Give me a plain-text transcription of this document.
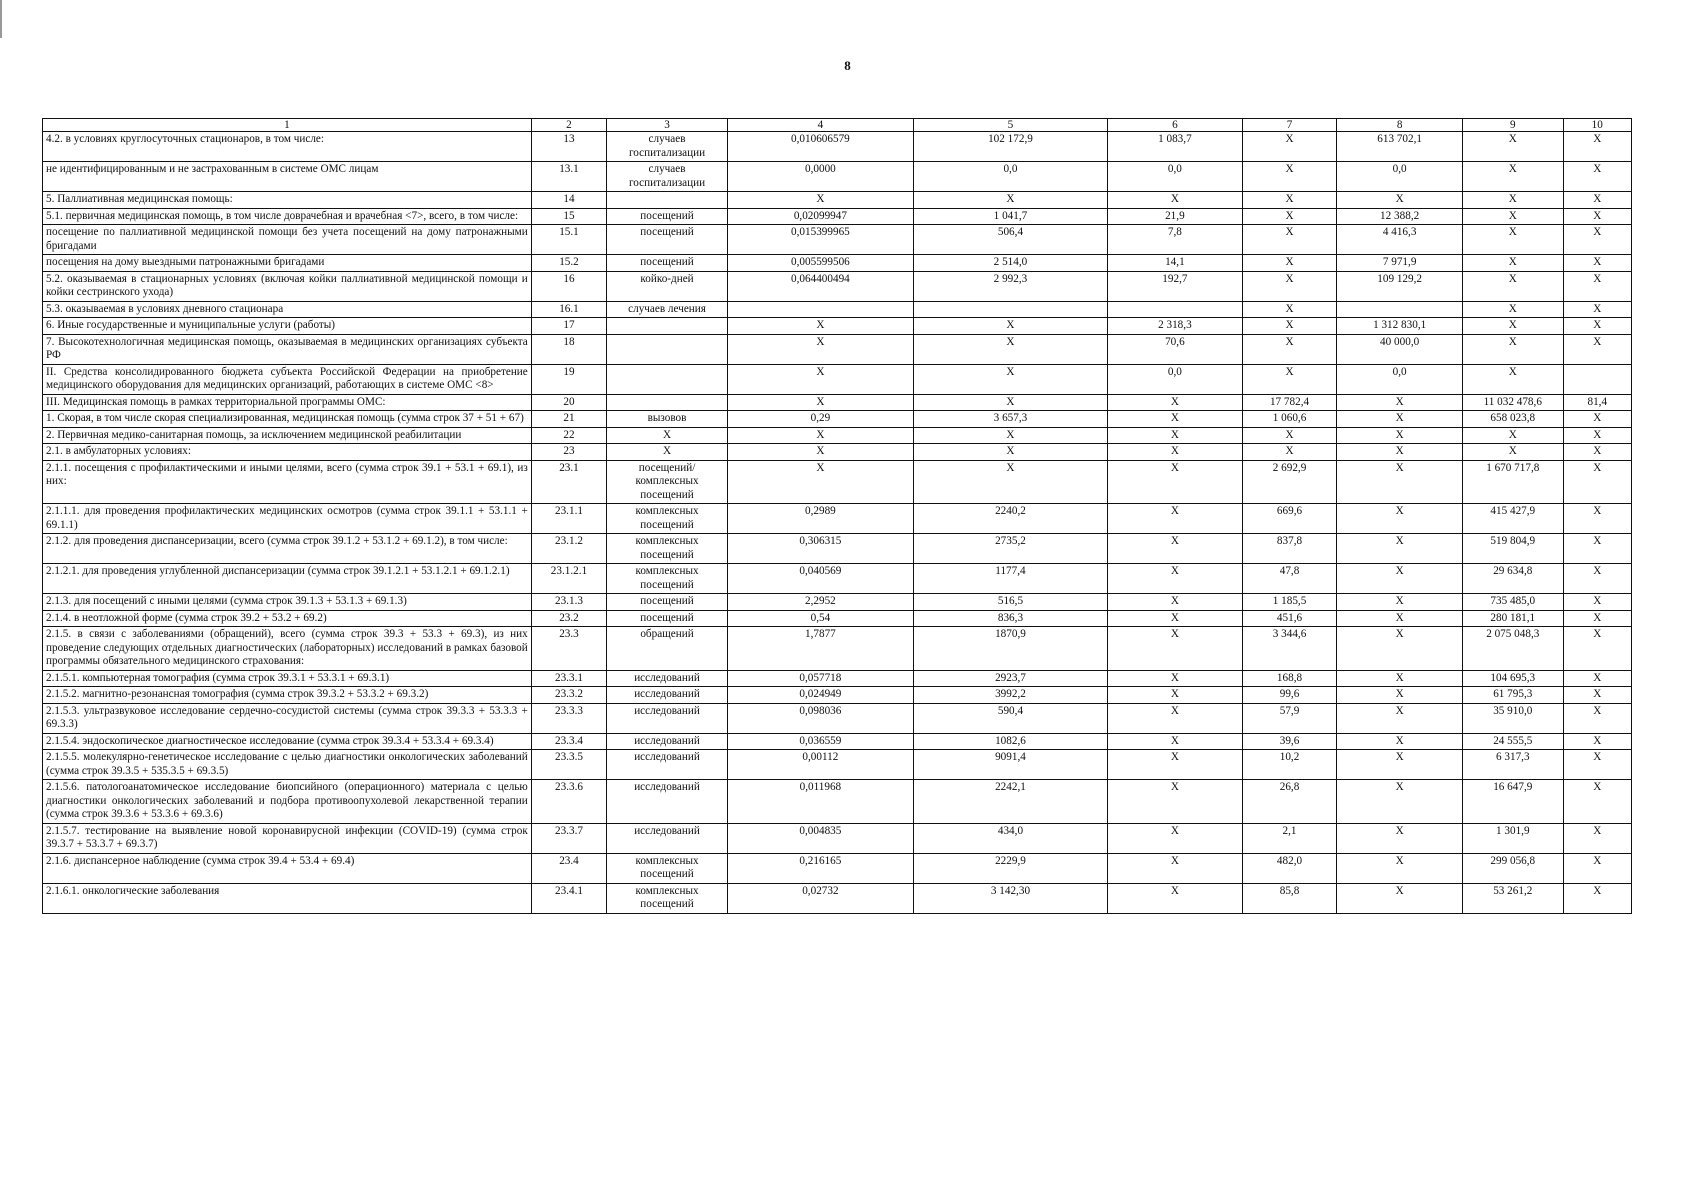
8
1	2	3	4	5	6	7	8	9	10
4.2. в условиях круглосуточных стационаров, в том числе:	13	случаев госпитализации	0,010606579	102 172,9	1 083,7	Х	613 702,1	Х	Х
не идентифицированным и не застрахованным в системе ОМС лицам	13.1	случаев госпитализации	0,0000	0,0	0,0	Х	0,0	Х	Х
5. Паллиативная медицинская помощь:	14		Х	Х	Х	Х	Х	Х	Х
5.1. первичная медицинская помощь, в том числе доврачебная и врачебная <7>, всего, в том числе:	15	посещений	0,02099947	1 041,7	21,9	Х	12 388,2	Х	Х
посещение по паллиативной медицинской помощи без учета посещений на дому патронажными бригадами	15.1	посещений	0,015399965	506,4	7,8	Х	4 416,3	Х	Х
посещения на дому выездными патронажными бригадами	15.2	посещений	0,005599506	2 514,0	14,1	Х	7 971,9	Х	Х
5.2. оказываемая в стационарных условиях (включая койки паллиативной медицинской помощи и койки сестринского ухода)	16	койко-дней	0,064400494	2 992,3	192,7	Х	109 129,2	Х	Х
5.3. оказываемая в условиях дневного стационара	16.1	случаев лечения				Х		Х	Х
6. Иные государственные и муниципальные услуги (работы)	17		Х	Х	2 318,3	Х	1 312 830,1	Х	Х
7. Высокотехнологичная медицинская помощь, оказываемая в медицинских организациях субъекта РФ	18		Х	Х	70,6	Х	40 000,0	Х	Х
II. Средства консолидированного бюджета субъекта Российской Федерации на приобретение медицинского оборудования для медицинских организаций, работающих в системе ОМС <8>	19		Х	Х	0,0	Х	0,0	Х	
III. Медицинская помощь в рамках территориальной программы ОМС:	20		Х	Х	Х	17 782,4	Х	11 032 478,6	81,4
1. Скорая, в том числе скорая специализированная, медицинская помощь (сумма строк 37 + 51 + 67)	21	вызовов	0,29	3 657,3	Х	1 060,6	Х	658 023,8	Х
2. Первичная медико-санитарная помощь, за исключением медицинской реабилитации	22	Х	Х	Х	Х	Х	Х	Х	Х
2.1. в амбулаторных условиях:	23	Х	Х	Х	Х	Х	Х	Х	Х
2.1.1. посещения с профилактическими и иными целями, всего (сумма строк 39.1 + 53.1 + 69.1), из них:	23.1	посещений/ комплексных посещений	Х	Х	Х	2 692,9	Х	1 670 717,8	Х
2.1.1.1. для проведения профилактических медицинских осмотров (сумма строк 39.1.1 + 53.1.1 + 69.1.1)	23.1.1	комплексных посещений	0,2989	2240,2	Х	669,6	Х	415 427,9	Х
2.1.2. для проведения диспансеризации, всего (сумма строк 39.1.2 + 53.1.2 + 69.1.2), в том числе:	23.1.2	комплексных посещений	0,306315	2735,2	Х	837,8	Х	519 804,9	Х
2.1.2.1. для проведения углубленной диспансеризации (сумма строк 39.1.2.1 + 53.1.2.1 + 69.1.2.1)	23.1.2.1	комплексных посещений	0,040569	1177,4	Х	47,8	Х	29 634,8	Х
2.1.3. для посещений с иными целями (сумма строк 39.1.3 + 53.1.3 + 69.1.3)	23.1.3	посещений	2,2952	516,5	Х	1 185,5	Х	735 485,0	Х
2.1.4. в неотложной форме (сумма строк 39.2 + 53.2 + 69.2)	23.2	посещений	0,54	836,3	Х	451,6	Х	280 181,1	Х
2.1.5. в связи с заболеваниями (обращений), всего (сумма строк 39.3 + 53.3 + 69.3), из них проведение следующих отдельных диагностических (лабораторных) исследований в рамках базовой программы обязательного медицинского страхования:	23.3	обращений	1,7877	1870,9	Х	3 344,6	Х	2 075 048,3	Х
2.1.5.1. компьютерная томография (сумма строк 39.3.1 + 53.3.1 + 69.3.1)	23.3.1	исследований	0,057718	2923,7	Х	168,8	Х	104 695,3	Х
2.1.5.2. магнитно-резонансная томография (сумма строк 39.3.2 + 53.3.2 + 69.3.2)	23.3.2	исследований	0,024949	3992,2	Х	99,6	Х	61 795,3	Х
2.1.5.3. ультразвуковое исследование сердечно-сосудистой системы (сумма строк 39.3.3 + 53.3.3 + 69.3.3)	23.3.3	исследований	0,098036	590,4	Х	57,9	Х	35 910,0	Х
2.1.5.4. эндоскопическое диагностическое исследование (сумма строк 39.3.4 + 53.3.4 + 69.3.4)	23.3.4	исследований	0,036559	1082,6	Х	39,6	Х	24 555,5	Х
2.1.5.5. молекулярно-генетическое исследование с целью диагностики онкологических заболеваний (сумма строк 39.3.5 + 535.3.5 + 69.3.5)	23.3.5	исследований	0,00112	9091,4	Х	10,2	Х	6 317,3	Х
2.1.5.6. патологоанатомическое исследование биопсийного (операционного) материала с целью диагностики онкологических заболеваний и подбора противоопухолевой лекарственной терапии (сумма строк 39.3.6 + 53.3.6 + 69.3.6)	23.3.6	исследований	0,011968	2242,1	Х	26,8	Х	16 647,9	Х
2.1.5.7. тестирование на выявление новой коронавирусной инфекции (COVID-19) (сумма строк 39.3.7 + 53.3.7 + 69.3.7)	23.3.7	исследований	0,004835	434,0	Х	2,1	Х	1 301,9	Х
2.1.6. диспансерное наблюдение (сумма строк 39.4 + 53.4 + 69.4)	23.4	комплексных посещений	0,216165	2229,9	Х	482,0	Х	299 056,8	Х
2.1.6.1. онкологические заболевания	23.4.1	комплексных посещений	0,02732	3 142,30	Х	85,8	Х	53 261,2	Х
